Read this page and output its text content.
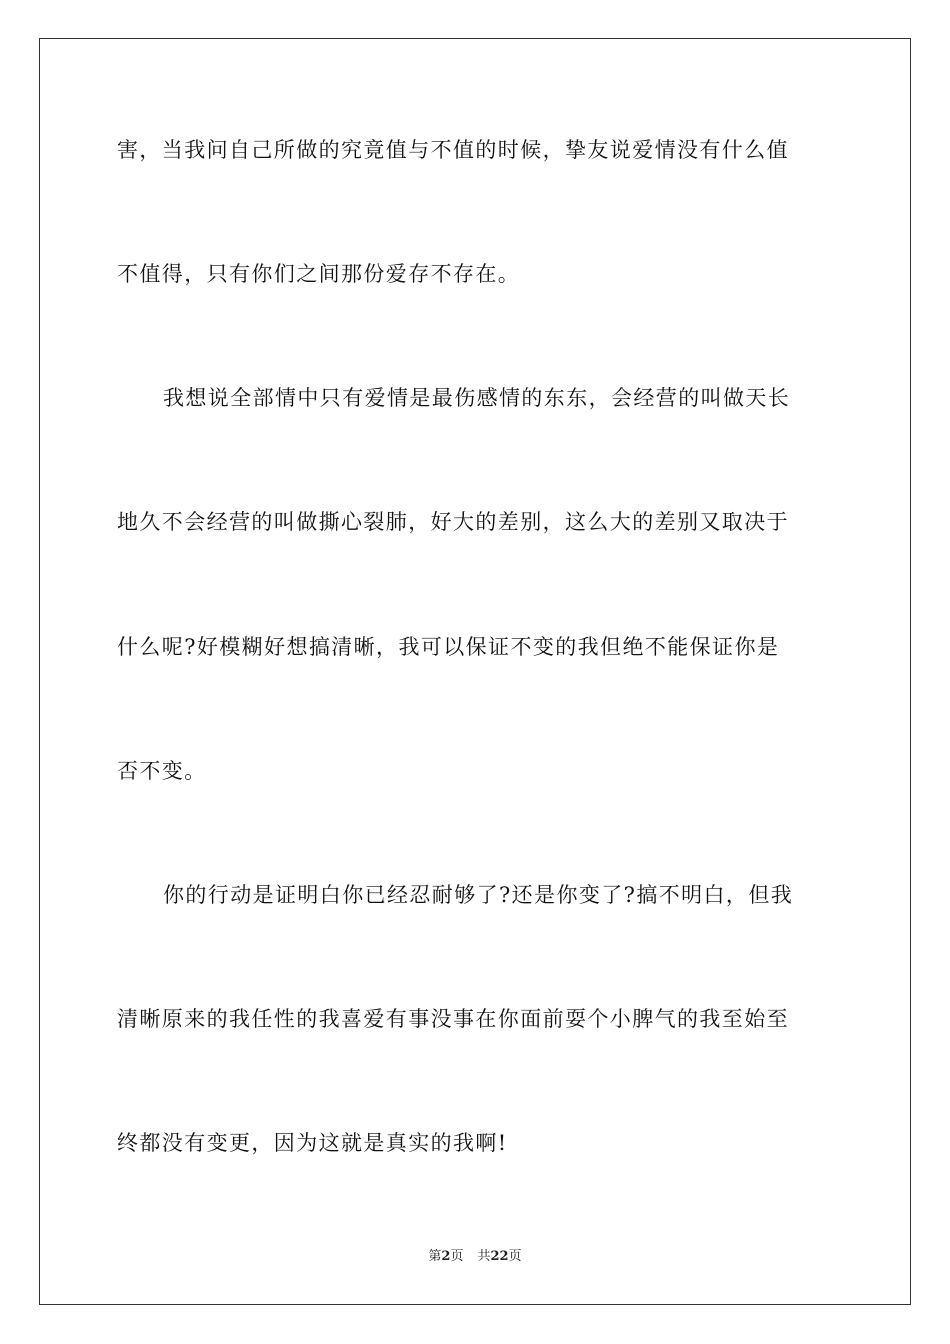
害，当我问自己所做的究竟值与不值的时候，挚友说爱情没有什么值
不值得，只有你们之间那份爱存不存在。
我想说全部情中只有爱情是最伤感情的东东，会经营的叫做天长
地久不会经营的叫做撕心裂肺，好大的差别，这么大的差别又取决于
什么呢?好模糊好想搞清晰，我可以保证不变的我但绝不能保证你是
否不变。
你的行动是证明白你已经忍耐够了?还是你变了?搞不明白，但我
清晰原来的我任性的我喜爱有事没事在你面前耍个小脾气的我至始至
终都没有变更，因为这就是真实的我啊!
第2页 共22页
